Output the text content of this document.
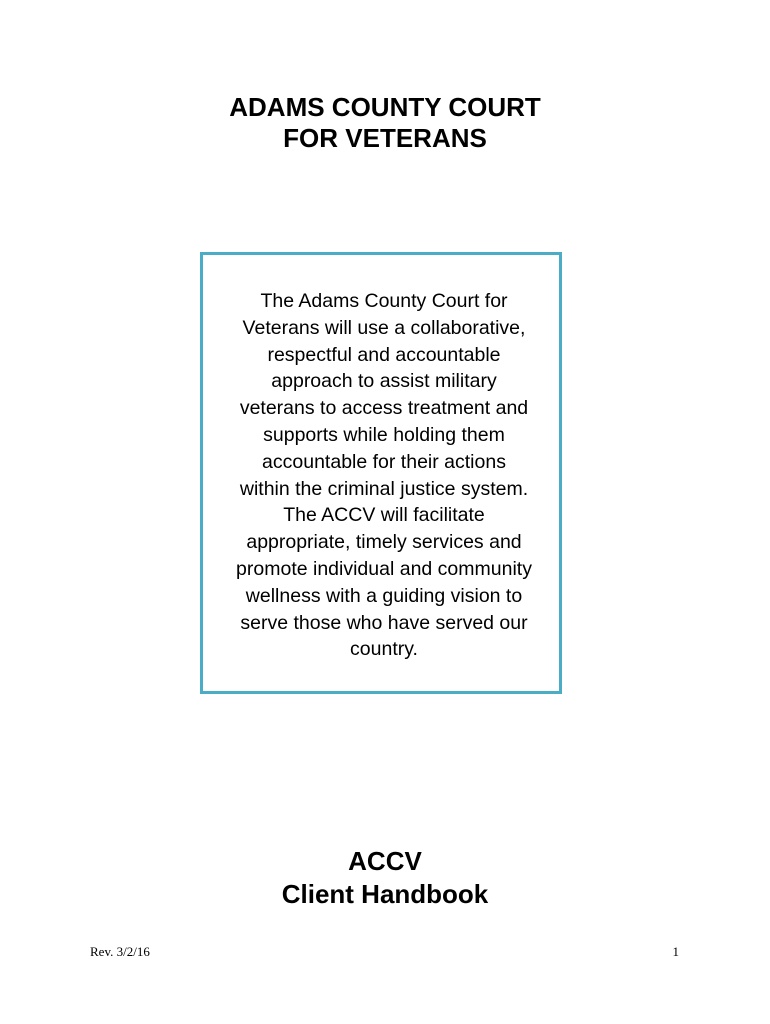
ADAMS COUNTY COURT
FOR VETERANS

The Adams County Court for
Veterans will use a collaborative,
respectful and accountable
approach to assist military
veterans to access treatment and
supports while holding them
accountable for their actions
within the criminal justice system.
The ACCV will facilitate
appropriate, timely services and
promote individual and community
wellness with a guiding vision to
serve those who have served our
country.

ACCV
Client Handbook
Rev. 3/2/16	1
